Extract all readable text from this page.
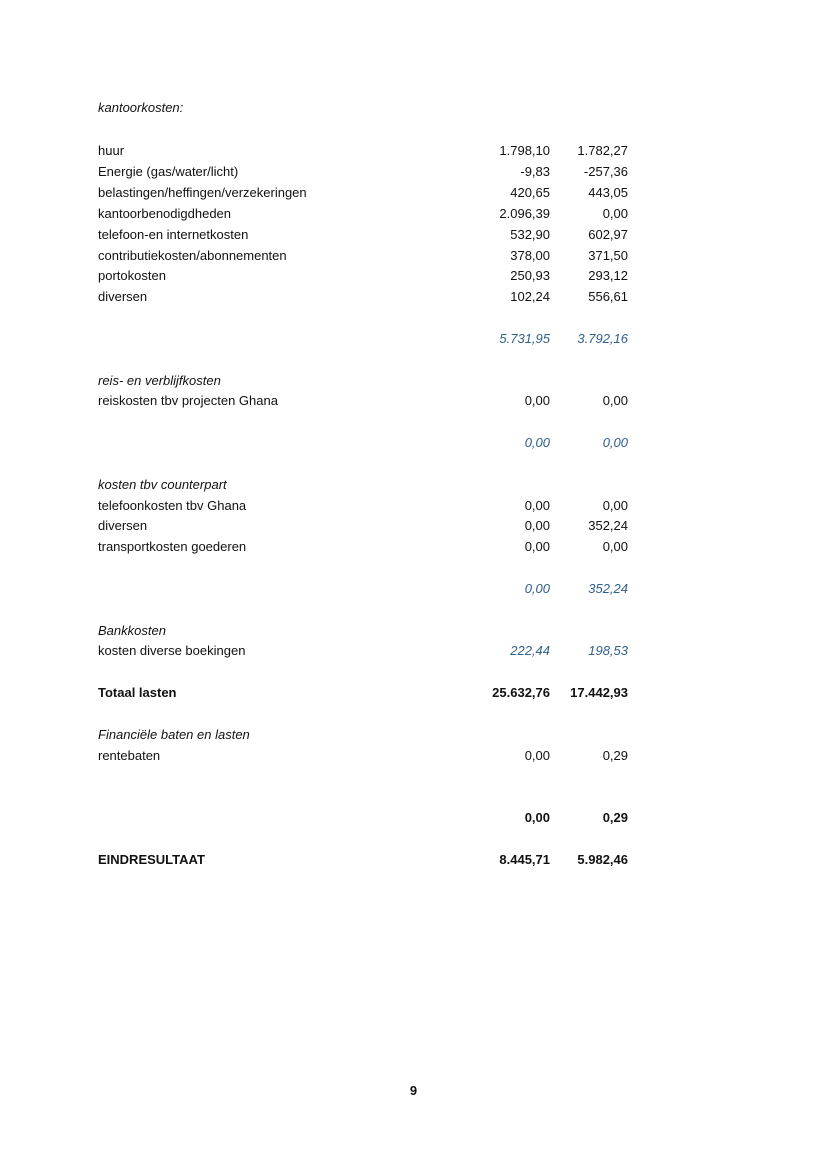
kantoorkosten:
huur	1.798,10	1.782,27
Energie (gas/water/licht)	-9,83	-257,36
belastingen/heffingen/verzekeringen	420,65	443,05
kantoorbenodigdheden	2.096,39	0,00
telefoon-en internetkosten	532,90	602,97
contributiekosten/abonnementen	378,00	371,50
portokosten	250,93	293,12
diversen	102,24	556,61
5.731,95	3.792,16
reis- en verblijfkosten
reiskosten tbv projecten Ghana	0,00	0,00
0,00	0,00
kosten tbv counterpart
telefoonkosten tbv Ghana	0,00	0,00
diversen	0,00	352,24
transportkosten goederen	0,00	0,00
0,00	352,24
Bankkosten
kosten diverse boekingen	222,44	198,53
Totaal lasten	25.632,76	17.442,93
Financiële baten en lasten
rentebaten	0,00	0,29
0,00	0,29
EINDRESULTAAT	8.445,71	5.982,46
9
